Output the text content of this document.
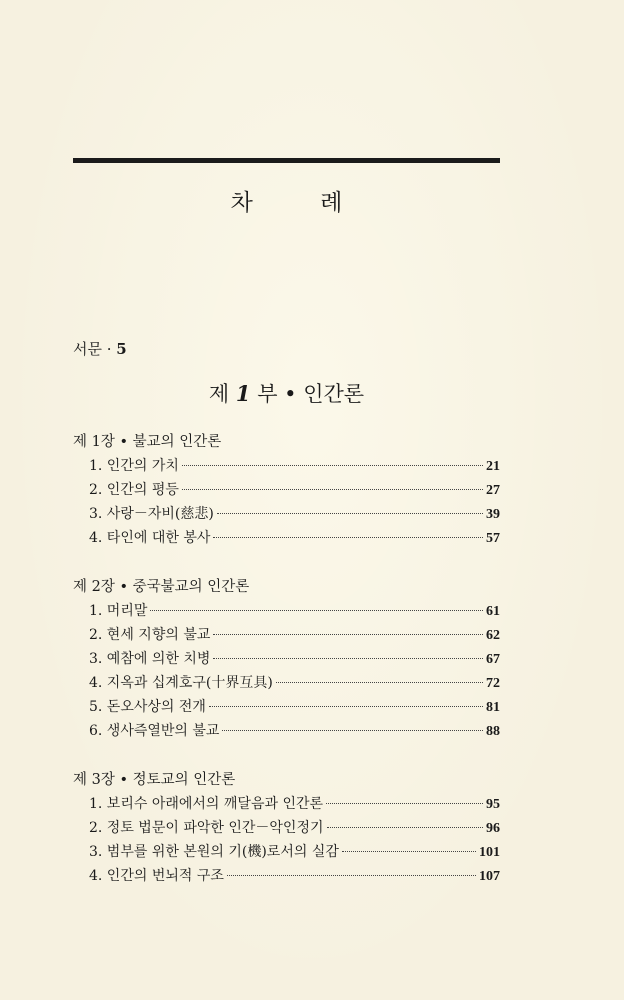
차 례
서문 · 5
제 1 부 • 인간론
제 1장 • 불교의 인간론
1. 인간의 가치	21
2. 인간의 평등	27
3. 사랑－자비(慈悲)	39
4. 타인에 대한 봉사	57
제 2장 • 중국불교의 인간론
1. 머리말	61
2. 현세 지향의 불교	62
3. 예참에 의한 치병	67
4. 지옥과 십계호구(十界互具)	72
5. 돈오사상의 전개	81
6. 생사즉열반의 불교	88
제 3장 • 정토교의 인간론
1. 보리수 아래에서의 깨달음과 인간론	95
2. 정토 법문이 파악한 인간－악인정기	96
3. 범부를 위한 본원의 기(機)로서의 실감	101
4. 인간의 번뇌적 구조	107
